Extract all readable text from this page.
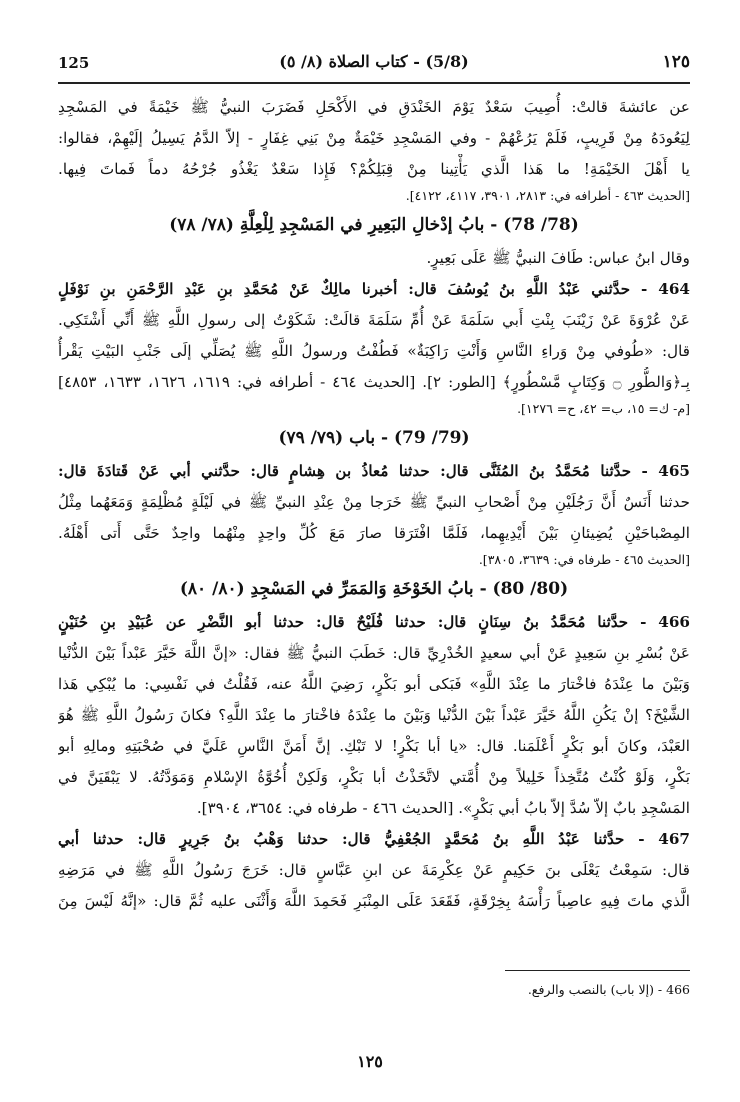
125	(5/8) - كتاب الصلاة (٨/ ٥)	١٢٥
عن عائشةَ قالتْ: أُصِيبَ سَعْدٌ يَوْمَ الخَنْدَقِ في الأَكْحَلِ فَضَرَبَ النبيُّ ﷺ خَيْمَةً في المَسْجِدِ
لِيَعُودَهُ مِنْ قَرِيبٍ، فَلَمْ يَرُعْهُمْ - وفي المَسْجِدِ خَيْمَةٌ مِنْ بَنِي غِفَارٍ - إلاّ الدَّمُ يَسِيلُ إلَيْهِمْ، فقالوا:
يا أَهْلَ الخَيْمَةِ! ما هَذا الَّذي يَأْتِينا مِنْ قِبَلِكُمْ؟ فَإِذا سَعْدٌ يَغْذُو جُرْحُهُ دماً فَماتَ فِيها.
[الحديث ٤٦٣ - أطرافه في: ٢٨١٣، ٣٩٠١، ٤١١٧، ٤١٢٢].
(78/ 78) - بابُ إدْخالِ البَعِيرِ في المَسْجِدِ لِلْعِلَّةِ (٧٨/ ٧٨)
وقال ابنُ عباس: طَافَ النبيُّ ﷺ عَلَى بَعِيرٍ.
464 - حدَّثني عَبْدُ اللَّهِ بنُ يُوسُفَ قال: أخبرنا مالِكٌ عَنْ مُحَمَّدِ بنِ عَبْدِ الرَّحْمَنِ بنِ نَوْفَلٍ
عَنْ عُرْوَةَ عَنْ زَيْنَبَ بِنْتِ أَبي سَلَمَةَ عَنْ أُمِّ سَلَمَةَ قالَتْ: شَكَوْتُ إلى رسولِ اللَّهِ ﷺ أَنِّي أَشْتَكِي.
قال: «طُوفي مِنْ وَراءِ النَّاسِ وَأَنْتِ رَاكِبَةٌ» فَطُفْتُ ورسولُ اللَّهِ ﷺ يُصَلِّي إلَى جَنْبِ البَيْتِ يَقْرأُ
بِـ﴿وَالطُّورِ ۝ وَكِتَابٍ مَّسْطُورٍ﴾ [الطور: ٢]. [الحديث ٤٦٤ - أطرافه في: ١٦١٩، ١٦٢٦، ١٦٣٣، ٤٨٥٣]
[م- ك= ١٥، ب= ٤٢، ح= ١٢٧٦].
(79/ 79) - باب (٧٩/ ٧٩)
465 - حدَّثنا مُحَمَّدُ بنُ المُثَنَّى قال: حدثنا مُعاذُ بن هِشامٍ قال: حدَّثني أبي عَنْ قَتادَةَ قال:
حدثنا أَنَسٌ أَنَّ رَجُلَيْنِ مِنْ أَصْحابِ النبيِّ ﷺ خَرَجا مِنْ عِنْدِ النبيِّ ﷺ في لَيْلَةٍ مُظْلِمَةٍ وَمَعَهُما مِثْلُ
المِصْباحَيْنِ يُضِيئانِ بَيْنَ أَيْدِيهِما، فَلَمَّا افْتَرَقا صارَ مَعَ كُلِّ واحِدٍ مِنْهُما واحِدٌ حَتَّى أَتى أَهْلَهُ.
[الحديث ٤٦٥ - طرفاه في: ٣٦٣٩، ٣٨٠٥].
(80/ 80) - بابُ الخَوْخَةِ وَالمَمَرِّ في المَسْجِدِ (٨٠/ ٨٠)
466 - حدَّثنا مُحَمَّدُ بنُ سِنَانٍ قال: حدثنا فُلَيْحٌ قال: حدثنا أبو النَّضْرِ عن عُبَيْدِ بنِ حُنَيْنٍ
عَنْ بُسْرِ بنِ سَعِيدٍ عَنْ أبي سعيدٍ الخُدْرِيِّ قال: خَطَبَ النبيُّ ﷺ فقال: «إنَّ اللَّهَ خَيَّرَ عَبْداً بَيْنَ الدُّنْيا
وَبَيْنَ ما عِنْدَهُ فاخْتارَ ما عِنْدَ اللَّهِ» فَبَكى أبو بَكْرٍ، رَضِيَ اللَّهُ عنه، فَقُلْتُ في نَفْسِي: ما يُبْكِي هَذا
الشَّيْخَ؟ إنْ يَكُنِ اللَّهُ خَيَّرَ عَبْداً بَيْنَ الدُّنْيا وَبَيْنَ ما عِنْدَهُ فاخْتارَ ما عِنْدَ اللَّهِ؟ فكانَ رَسُولُ اللَّهِ ﷺ هُوَ
العَبْدَ، وكانَ أبو بَكْرٍ أَعْلَمَنا. قال: «يا أبا بَكْرٍ! لا تَبْكِ. إنَّ أَمَنَّ النَّاسِ عَلَيَّ في صُحْبَتِهِ ومالِهِ أبو
بَكْرٍ، وَلَوْ كُنْتُ مُتَّخِذاً خَلِيلاً مِنْ أُمَّتي لاتَّخَذْتُ أبا بَكْرٍ، وَلَكِنْ أُخُوَّةُ الإسْلامِ وَمَوَدَّتُهُ. لا يَبْقَيَنَّ في
المَسْجِدِ بابٌ إلاّ سُدَّ إلاّ بابُ أبي بَكْرٍ». [الحديث ٤٦٦ - طرفاه في: ٣٦٥٤، ٣٩٠٤].
467 - حدَّثنا عَبْدُ اللَّهِ بنُ مُحَمَّدٍ الجُعْفِيُّ قال: حدثنا وَهْبُ بنُ جَرِيرٍ قال: حدثنا أبي
قال: سَمِعْتُ يَعْلَى بنَ حَكِيمٍ عَنْ عِكْرِمَةَ عن ابنِ عَبَّاسٍ قال: خَرَجَ رَسُولُ اللَّهِ ﷺ في مَرَضِهِ
الَّذي ماتَ فِيهِ عاصِباً رَأْسَهُ بِخِرْقَةٍ، فَقَعَدَ عَلَى المِنْبَرِ فَحَمِدَ اللَّهَ وَأَثْنَى عليه ثُمَّ قال: «إنَّهُ لَيْسَ مِنَ
466 - (إلا باب) بالنصب والرفع.
١٢٥
